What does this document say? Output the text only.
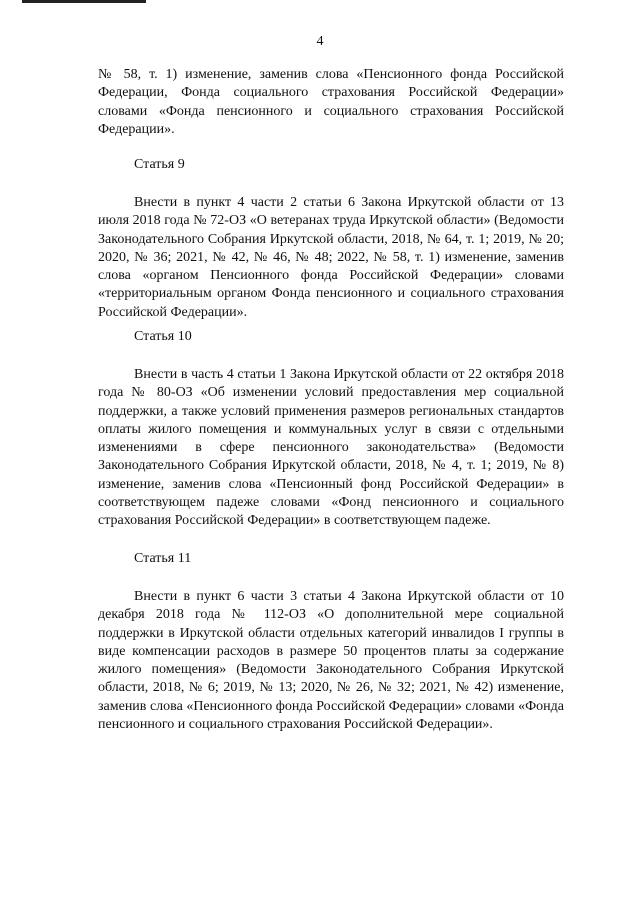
4
№ 58, т. 1) изменение, заменив слова «Пенсионного фонда Российской Федерации, Фонда социального страхования Российской Федерации» словами «Фонда пенсионного и социального страхования Российской Федерации».
Статья 9
Внести в пункт 4 части 2 статьи 6 Закона Иркутской области от 13 июля 2018 года № 72-ОЗ «О ветеранах труда Иркутской области» (Ведомости Законодательного Собрания Иркутской области, 2018, № 64, т. 1; 2019, № 20; 2020, № 36; 2021, № 42, № 46, № 48; 2022, № 58, т. 1) изменение, заменив слова «органом Пенсионного фонда Российской Федерации» словами «территориальным органом Фонда пенсионного и социального страхования Российской Федерации».
Статья 10
Внести в часть 4 статьи 1 Закона Иркутской области от 22 октября 2018 года № 80-ОЗ «Об изменении условий предоставления мер социальной поддержки, а также условий применения размеров региональных стандартов оплаты жилого помещения и коммунальных услуг в связи с отдельными изменениями в сфере пенсионного законодательства» (Ведомости Законодательного Собрания Иркутской области, 2018, № 4, т. 1; 2019, № 8) изменение, заменив слова «Пенсионный фонд Российской Федерации» в соответствующем падеже словами «Фонд пенсионного и социального страхования Российской Федерации» в соответствующем падеже.
Статья 11
Внести в пункт 6 части 3 статьи 4 Закона Иркутской области от 10 декабря 2018 года № 112-ОЗ «О дополнительной мере социальной поддержки в Иркутской области отдельных категорий инвалидов I группы в виде компенсации расходов в размере 50 процентов платы за содержание жилого помещения» (Ведомости Законодательного Собрания Иркутской области, 2018, № 6; 2019, № 13; 2020, № 26, № 32; 2021, № 42) изменение, заменив слова «Пенсионного фонда Российской Федерации» словами «Фонда пенсионного и социального страхования Российской Федерации».
